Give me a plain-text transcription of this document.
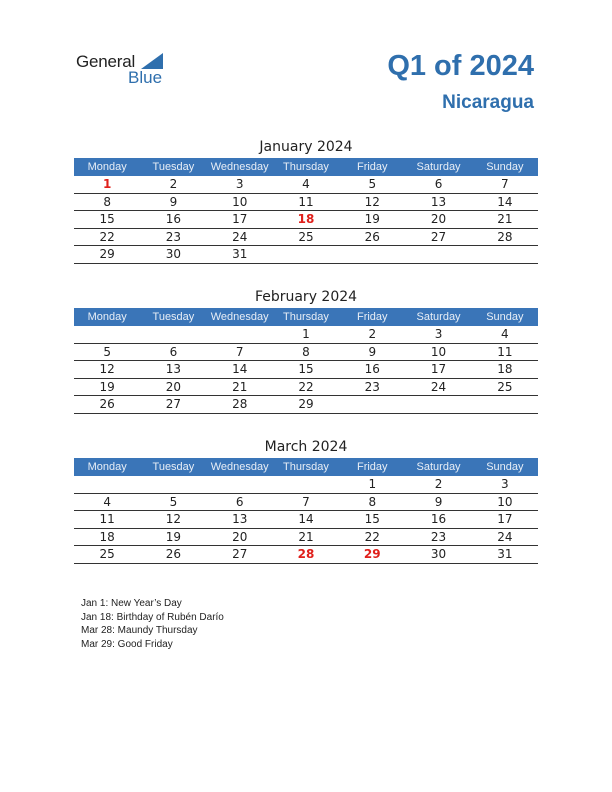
General
Blue	Q1 of 2024
Nicaragua
January 2024
Monday	Tuesday	Wednesday	Thursday	Friday	Saturday	Sunday
1	2	3	4	5	6	7
8	9	10	11	12	13	14
15	16	17	18	19	20	21
22	23	24	25	26	27	28
29	30	31				
February 2024
Monday	Tuesday	Wednesday	Thursday	Friday	Saturday	Sunday
			1	2	3	4
5	6	7	8	9	10	11
12	13	14	15	16	17	18
19	20	21	22	23	24	25
26	27	28	29			
March 2024
Monday	Tuesday	Wednesday	Thursday	Friday	Saturday	Sunday
				1	2	3
4	5	6	7	8	9	10
11	12	13	14	15	16	17
18	19	20	21	22	23	24
25	26	27	28	29	30	31
Jan 1: New Year’s Day
Jan 18: Birthday of Rubén Darío
Mar 28: Maundy Thursday
Mar 29: Good Friday
